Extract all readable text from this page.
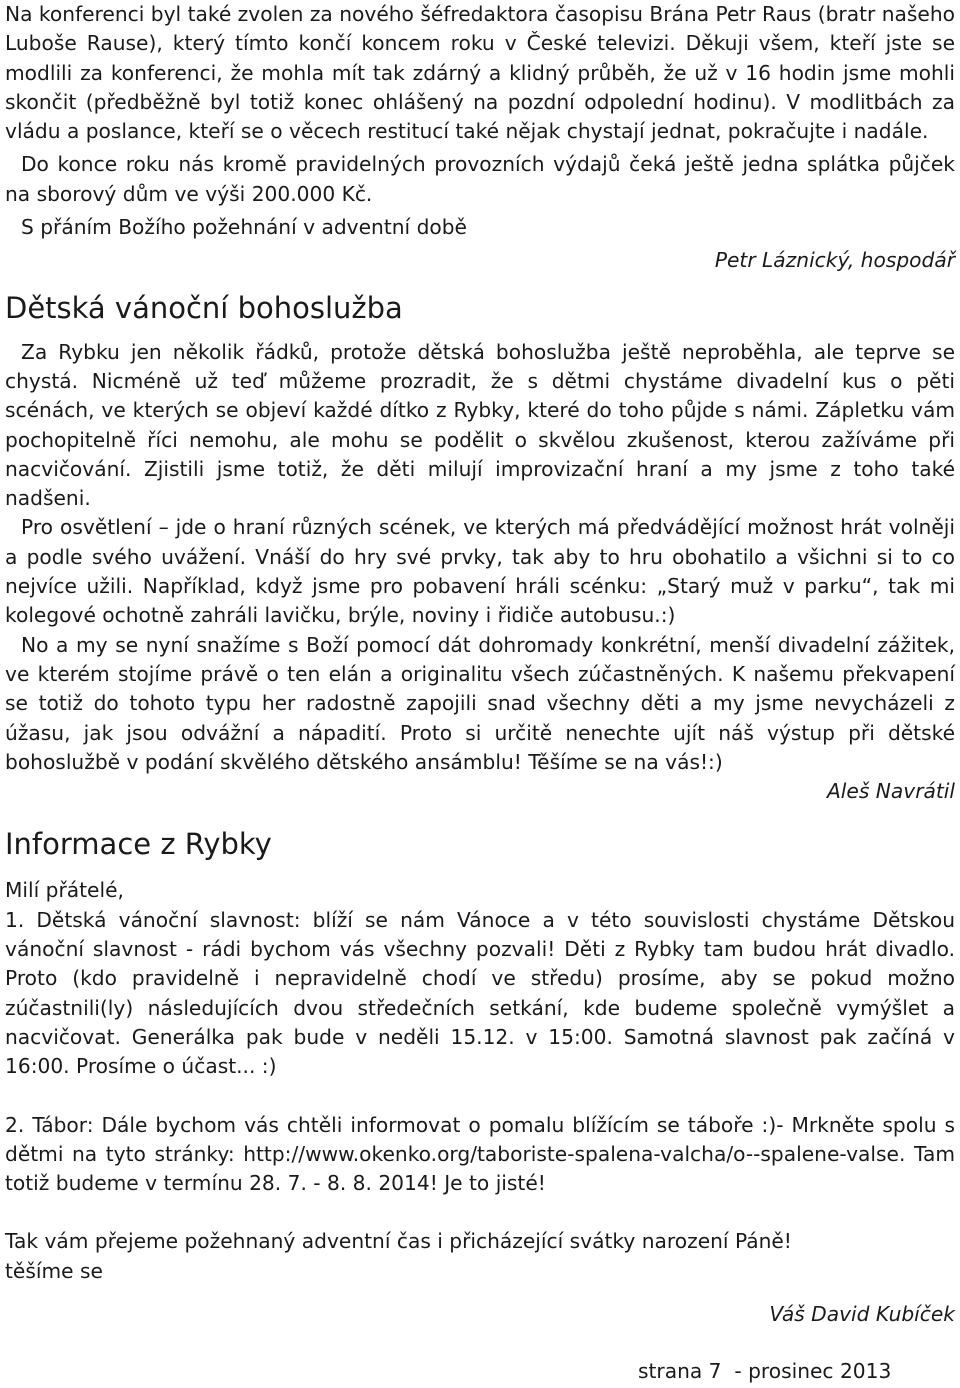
Na konferenci byl také zvolen za nového šéfredaktora časopisu Brána Petr Raus (bratr našeho Luboše Rause), který tímto končí koncem roku v České televizi. Děkuji všem, kteří jste se modlili za konferenci, že mohla mít tak zdárný a klidný průběh, že už v 16 hodin jsme mohli skončit (předběžně byl totiž konec ohlášený na pozdní odpolední hodinu). V modlitbách za vládu a poslance, kteří se o věcech restitucí také nějak chystají jednat, pokračujte i nadále.

Do konce roku nás kromě pravidelných provozních výdajů čeká ještě jedna splátka půjček na sborový dům ve výši 200.000 Kč.

S přáním Božího požehnání v adventní době

Petr Láznický, hospodář

Dětská vánoční bohoslužba

Za Rybku jen několik řádků, protože dětská bohoslužba ještě neproběhla, ale teprve se chystá. Nicméně už teď můžeme prozradit, že s dětmi chystáme divadelní kus o pěti scénách, ve kterých se objeví každé dítko z Rybky, které do toho půjde s námi. Zápletku vám pochopitelně říci nemohu, ale mohu se podělit o skvělou zkušenost, kterou zažíváme při nacvičování. Zjistili jsme totiž, že děti milují improvizační hraní a my jsme z toho také nadšeni.

Pro osvětlení – jde o hraní různých scének, ve kterých má předvádějící možnost hrát volněji a podle svého uvážení. Vnáší do hry své prvky, tak aby to hru obohatilo a všichni si to co nejvíce užili. Například, když jsme pro pobavení hráli scénku: „Starý muž v parku“, tak mi kolegové ochotně zahráli lavičku, brýle, noviny i řidiče autobusu.:)

No a my se nyní snažíme s Boží pomocí dát dohromady konkrétní, menší divadelní zážitek, ve kterém stojíme právě o ten elán a originalitu všech zúčastněných. K našemu překvapení se totiž do tohoto typu her radostně zapojili snad všechny děti a my jsme nevycházeli z úžasu, jak jsou odvážní a nápadití. Proto si určitě nenechte ujít náš výstup při dětské bohoslužbě v podání skvělého dětského ansámblu! Těšíme se na vás!:)

Aleš Navrátil

Informace z Rybky

Milí přátelé,

1. Dětská vánoční slavnost: blíží se nám Vánoce a v této souvislosti chystáme Dětskou vánoční slavnost - rádi bychom vás všechny pozvali! Děti z Rybky tam budou hrát divadlo. Proto (kdo pravidelně i nepravidelně chodí ve středu) prosíme, aby se pokud možno zúčastnili(ly) následujících dvou středečních setkání, kde budeme společně vymýšlet a nacvičovat. Generálka pak bude v neděli 15.12. v 15:00. Samotná slavnost pak začíná v 16:00. Prosíme o účast... :)

2. Tábor: Dále bychom vás chtěli informovat o pomalu blížícím se táboře :)- Mrkněte spolu s dětmi na tyto stránky: http://www.okenko.org/taboriste-spalena-valcha/o--spalene-valse. Tam totiž budeme v termínu 28. 7. - 8. 8. 2014! Je to jisté!

Tak vám přejeme požehnaný adventní čas i přicházející svátky narození Páně!

těšíme se

Váš David Kubíček

strana 7  - prosinec 2013
